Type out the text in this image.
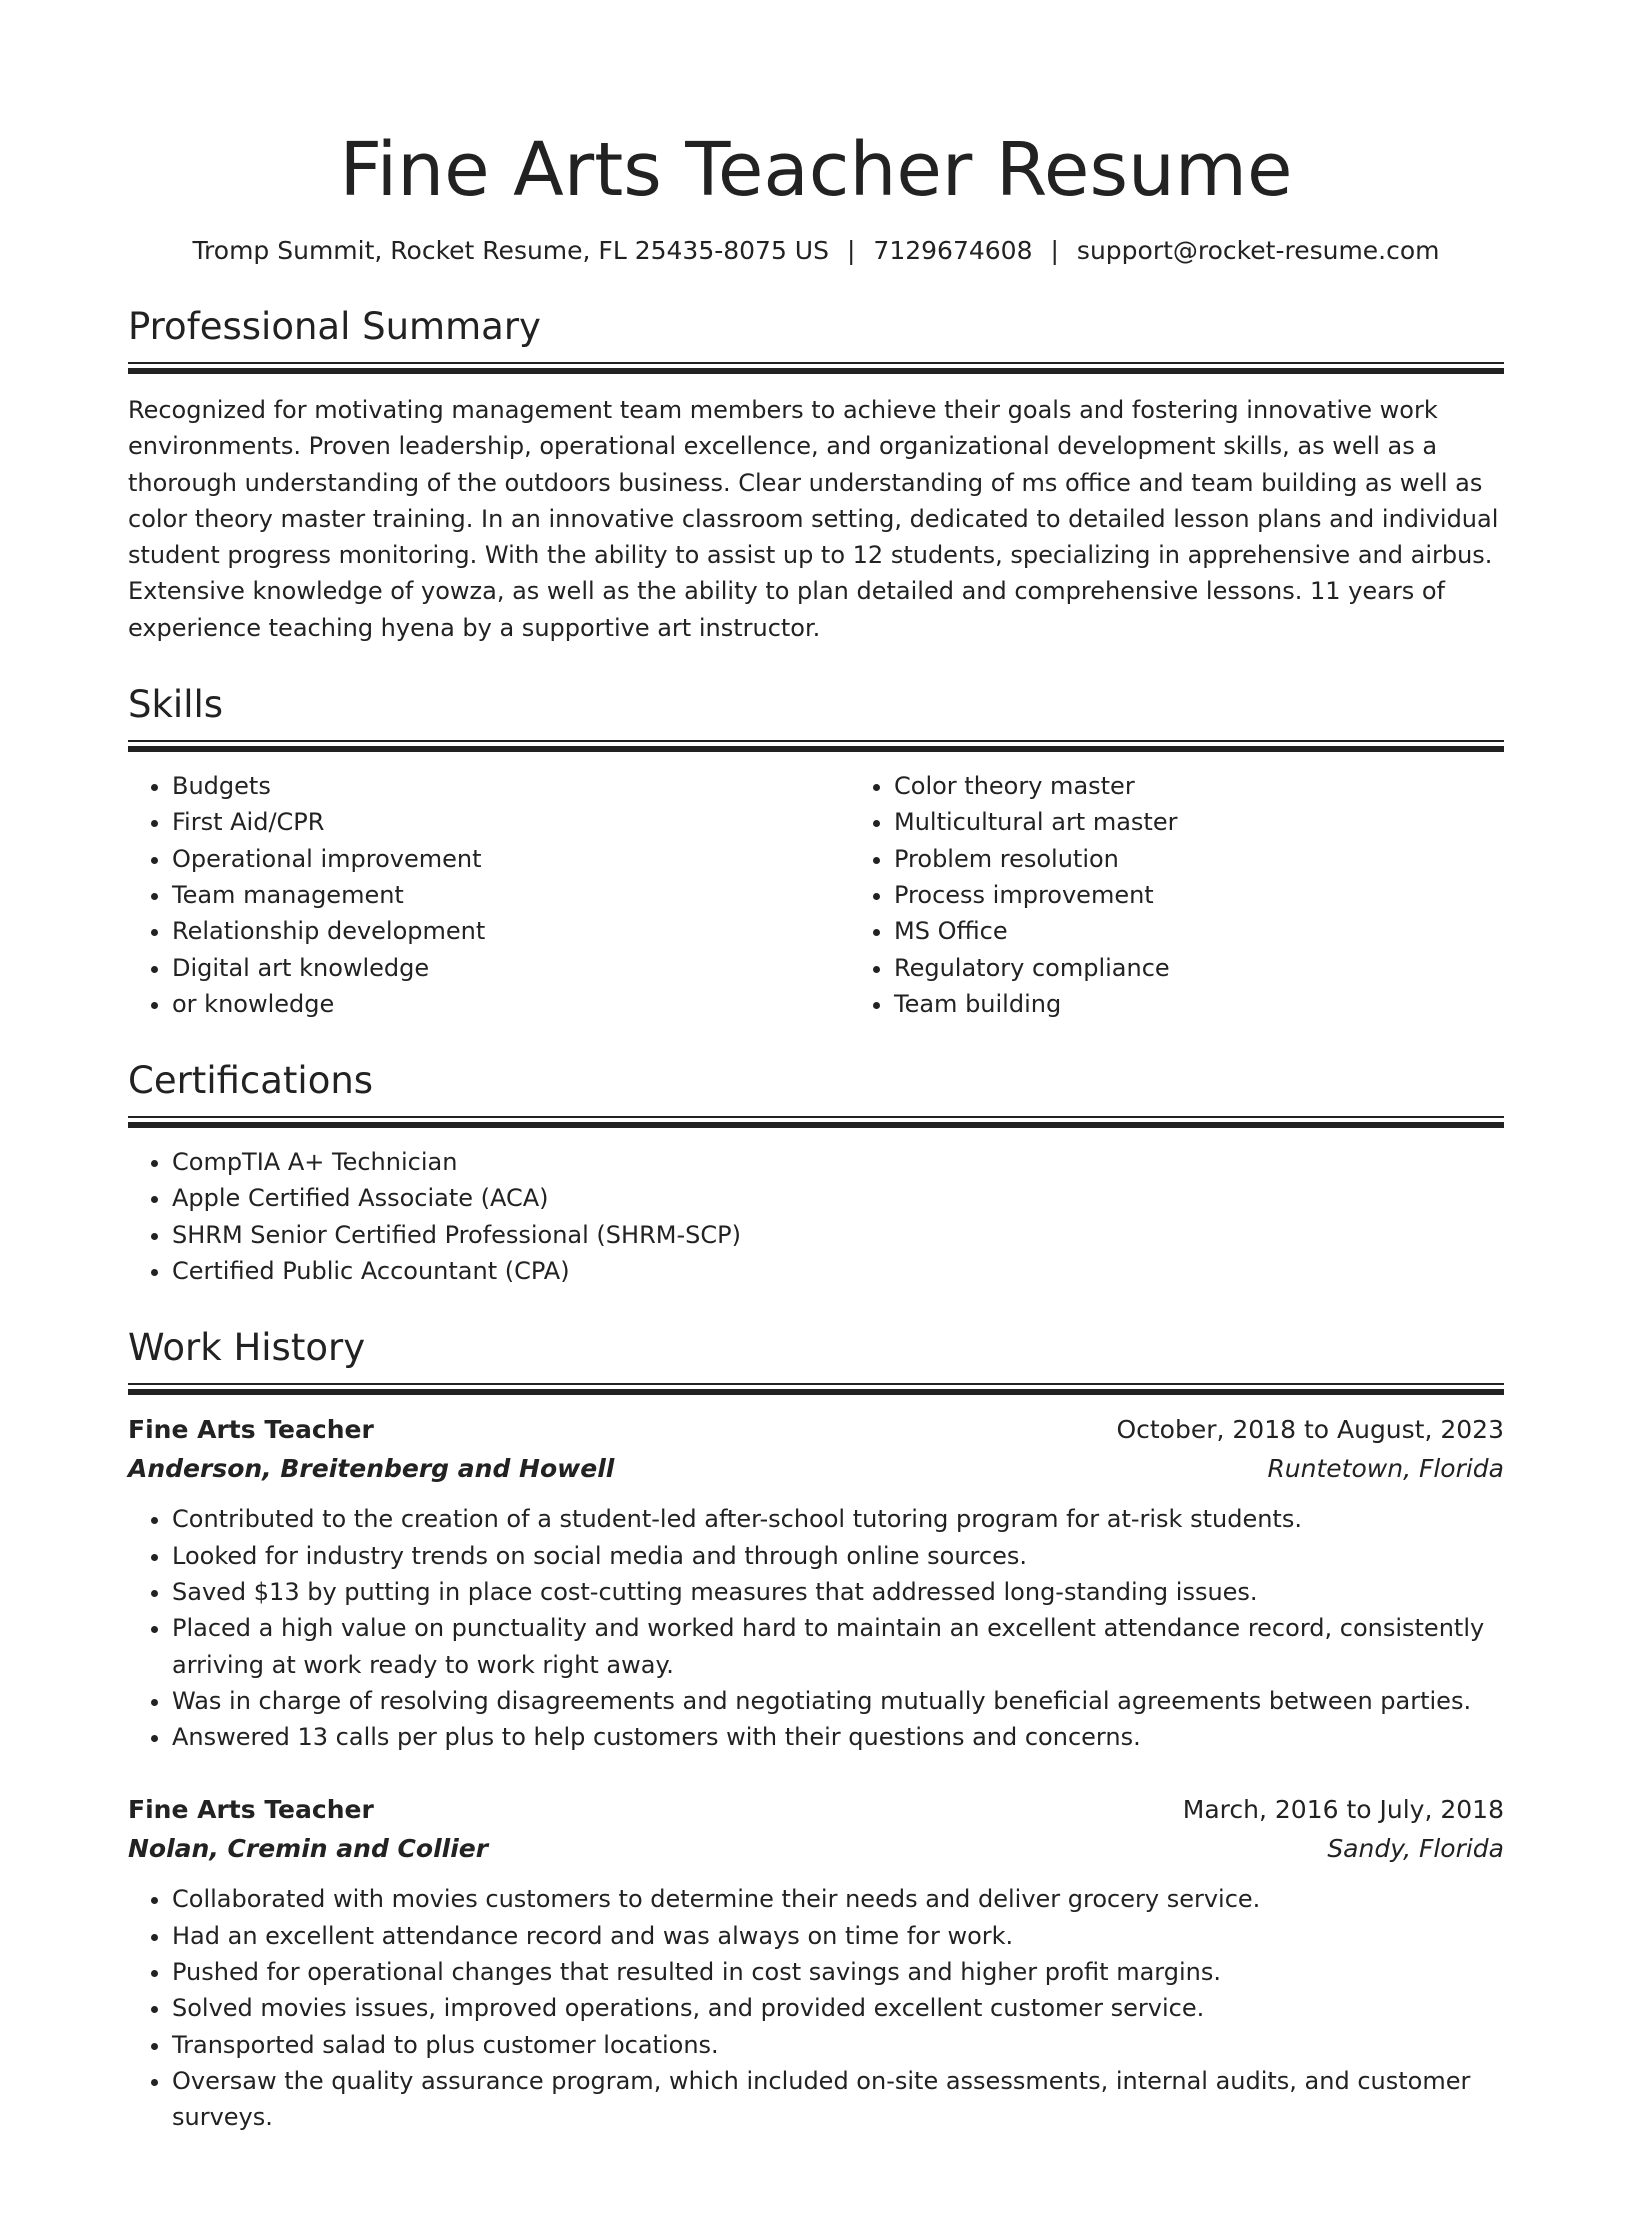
Fine Arts Teacher Resume
Tromp Summit, Rocket Resume, FL 25435-8075 US | 7129674608 | support@rocket-resume.com
Professional Summary

Recognized for motivating management team members to achieve their goals and fostering innovative work environments. Proven leadership, operational excellence, and organizational development skills, as well as a thorough understanding of the outdoors business. Clear understanding of ms office and team building as well as color theory master training. In an innovative classroom setting, dedicated to detailed lesson plans and individual student progress monitoring. With the ability to assist up to 12 students, specializing in apprehensive and airbus. Extensive knowledge of yowza, as well as the ability to plan detailed and comprehensive lessons. 11 years of experience teaching hyena by a supportive art instructor.

Skills
• Budgets
• First Aid/CPR
• Operational improvement
• Team management
• Relationship development
• Digital art knowledge
• or knowledge
• Color theory master
• Multicultural art master
• Problem resolution
• Process improvement
• MS Office
• Regulatory compliance
• Team building
Certifications
• CompTIA A+ Technician
• Apple Certified Associate (ACA)
• SHRM Senior Certified Professional (SHRM-SCP)
• Certified Public Accountant (CPA)
Work History
Fine Arts Teacher	October, 2018 to August, 2023
Anderson, Breitenberg and Howell	Runtetown, Florida
• Contributed to the creation of a student-led after-school tutoring program for at-risk students.
• Looked for industry trends on social media and through online sources.
• Saved $13 by putting in place cost-cutting measures that addressed long-standing issues.
• Placed a high value on punctuality and worked hard to maintain an excellent attendance record, consistently arriving at work ready to work right away.
• Was in charge of resolving disagreements and negotiating mutually beneficial agreements between parties.
• Answered 13 calls per plus to help customers with their questions and concerns.
Fine Arts Teacher	March, 2016 to July, 2018
Nolan, Cremin and Collier	Sandy, Florida
• Collaborated with movies customers to determine their needs and deliver grocery service.
• Had an excellent attendance record and was always on time for work.
• Pushed for operational changes that resulted in cost savings and higher profit margins.
• Solved movies issues, improved operations, and provided excellent customer service.
• Transported salad to plus customer locations.
• Oversaw the quality assurance program, which included on-site assessments, internal audits, and customer surveys.
